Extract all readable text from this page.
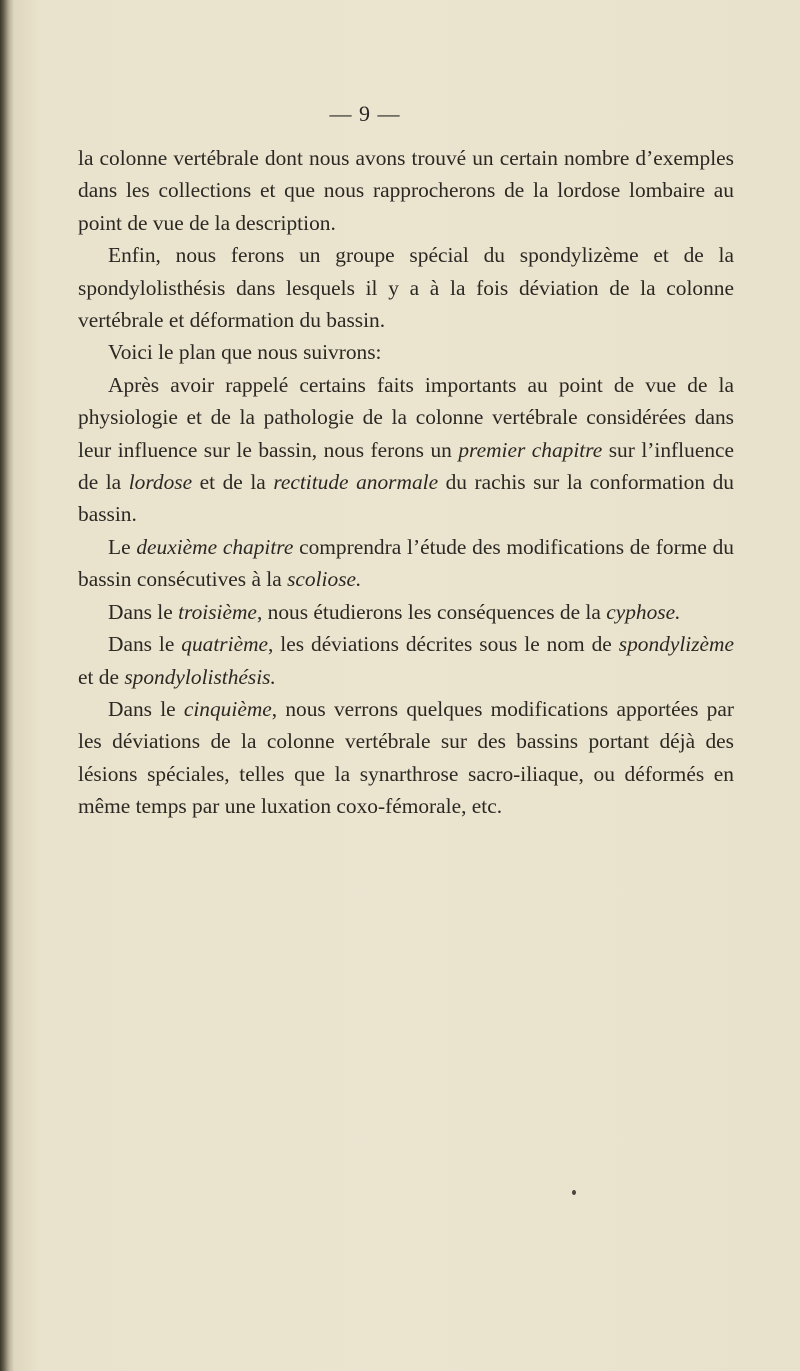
— 9 —

la colonne vertébrale dont nous avons trouvé un certain nombre d’exemples dans les collections et que nous rapprocherons de la lordose lombaire au point de vue de la description.

Enfin, nous ferons un groupe spécial du spondylizème et de la spondylolisthésis dans lesquels il y a à la fois déviation de la colonne vertébrale et déformation du bassin.

Voici le plan que nous suivrons:

Après avoir rappelé certains faits importants au point de vue de la physiologie et de la pathologie de la colonne vertébrale considérées dans leur influence sur le bassin, nous ferons un premier chapitre sur l’influence de la lordose et de la rectitude anormale du rachis sur la conformation du bassin.

Le deuxième chapitre comprendra l’étude des modifications de forme du bassin consécutives à la scoliose.

Dans le troisième, nous étudierons les conséquences de la cyphose.

Dans le quatrième, les déviations décrites sous le nom de spondylizème et de spondylolisthésis.

Dans le cinquième, nous verrons quelques modifications apportées par les déviations de la colonne vertébrale sur des bassins portant déjà des lésions spéciales, telles que la synarthrose sacro-iliaque, ou déformés en même temps par une luxation coxo-fémorale, etc.
